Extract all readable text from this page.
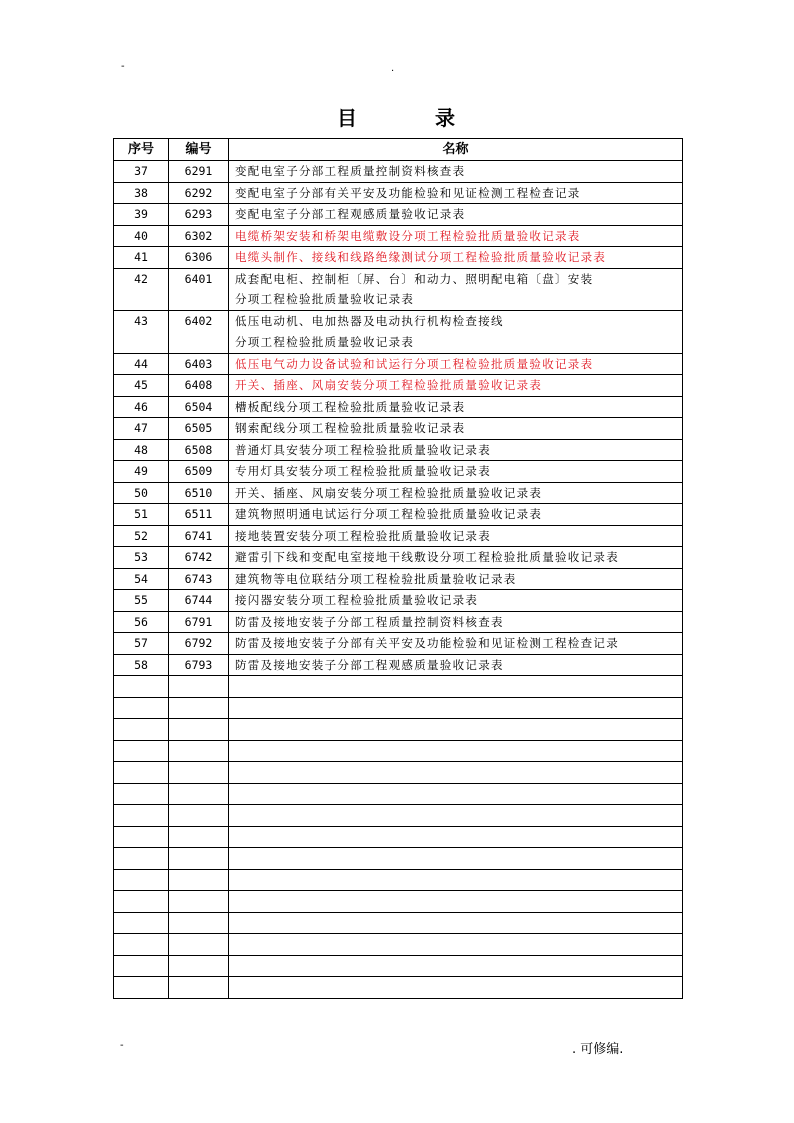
-	.
目	录
序号	编号	名称
37	6291	变配电室子分部工程质量控制资料核查表

38	6292	变配电室子分部有关平安及功能检验和见证检测工程检查记录

39	6293	变配电室子分部工程观感质量验收记录表

40	6302	电缆桥架安装和桥架电缆敷设分项工程检验批质量验收记录表

41	6306	电缆头制作、接线和线路绝缘测试分项工程检验批质量验收记录表

42	6401	成套配电柜、控制柜〔屏、台〕和动力、照明配电箱〔盘〕安装
分项工程检验批质量验收记录表

43	6402	低压电动机、电加热器及电动执行机构检查接线
分项工程检验批质量验收记录表

44	6403	低压电气动力设备试验和试运行分项工程检验批质量验收记录表

45	6408	开关、插座、风扇安装分项工程检验批质量验收记录表

46	6504	槽板配线分项工程检验批质量验收记录表

47	6505	钢索配线分项工程检验批质量验收记录表

48	6508	普通灯具安装分项工程检验批质量验收记录表

49	6509	专用灯具安装分项工程检验批质量验收记录表

50	6510	开关、插座、风扇安装分项工程检验批质量验收记录表

51	6511	建筑物照明通电试运行分项工程检验批质量验收记录表

52	6741	接地装置安装分项工程检验批质量验收记录表

53	6742	避雷引下线和变配电室接地干线敷设分项工程检验批质量验收记录表

54	6743	建筑物等电位联结分项工程检验批质量验收记录表

55	6744	接闪器安装分项工程检验批质量验收记录表

56	6791	防雷及接地安装子分部工程质量控制资料核查表

57	6792	防雷及接地安装子分部有关平安及功能检验和见证检测工程检查记录

58	6793	防雷及接地安装子分部工程观感质量验收记录表

-	. 可修编.
